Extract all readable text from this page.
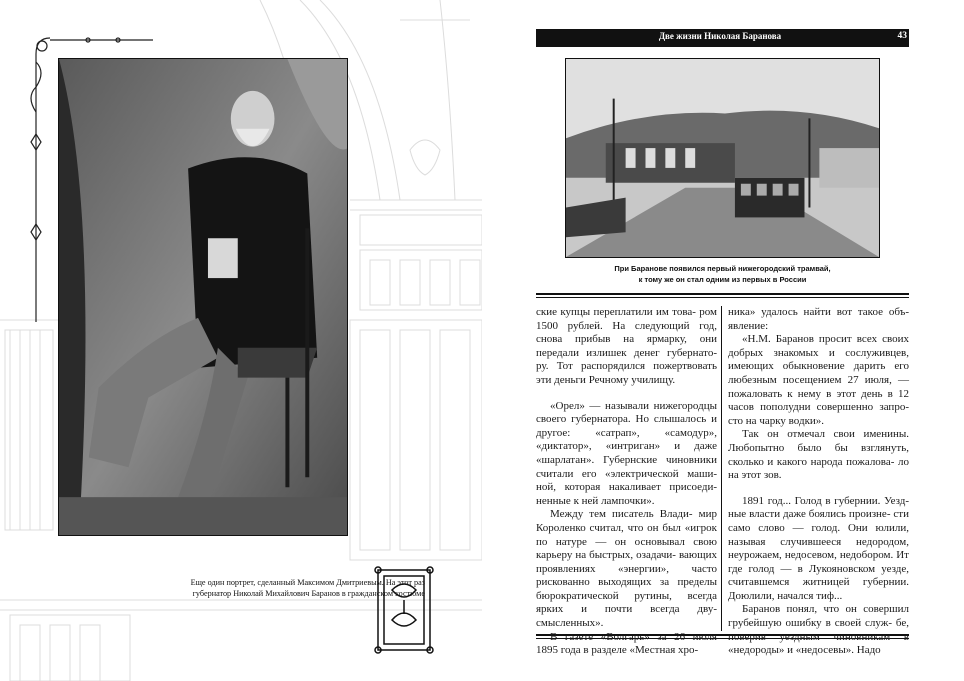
Еще один портрет, сделанный Максимом Дмитриевым. На этот раз
губернатор Николай Михайлович Баранов в гражданском костюме
Две жизни Николая Баранова	43
При Баранове появился первый нижегородский трамвай,
к тому же он стал одним из первых в России

ские купцы переплатили им това- ром 1500 рублей. На следующий год, снова прибыв на ярмарку, они передали излишек денег губернато- ру. Тот распорядился пожертвовать эти деньги Речному училищу.

«Орел» — называли нижегородцы своего губернатора. Но слышалось и другое: «сатрап», «самодур», «диктатор», «интриган» и даже «шарлатан». Губернские чиновники считали его «электрической маши- ной, которая накаливает присоеди- ненные к ней лампочки».

Между тем писатель Влади- мир Короленко считал, что он был «игрок по натуре — он основывал свою карьеру на быстрых, озадачи- вающих проявлениях «энергии», часто рискованно выходящих за пределы бюрократической рутины, всегда ярких и почти всегда дву- смысленных».

В газете «Волгарь» за 26 июля 1895 года в разделе «Местная хро-

ника» удалось найти вот такое объ- явление:

«Н.М. Баранов просит всех своих добрых знакомых и сослуживцев, имеющих обыкновение дарить его любезным посещением 27 июля, — пожаловать к нему в этот день в 12 часов пополудни совершенно запро- сто на чарку водки».

Так он отмечал свои именины. Любопытно было бы взглянуть, сколько и какого народа пожалова- ло на этот зов.

1891 год... Голод в губернии. Уезд- ные власти даже боялись произне- сти само слово — голод. Они юлили, называя случившееся недородом, неурожаем, недосевом, недобором. Ит где голод — в Лукояновском уезде, считавшемся житницей губернии. Доюлили, начался тиф...

Баранов понял, что он совершил грубейшую ошибку в своей служ- бе, поверив уездным чиновникам в «недороды» и «недосевы». Надо
